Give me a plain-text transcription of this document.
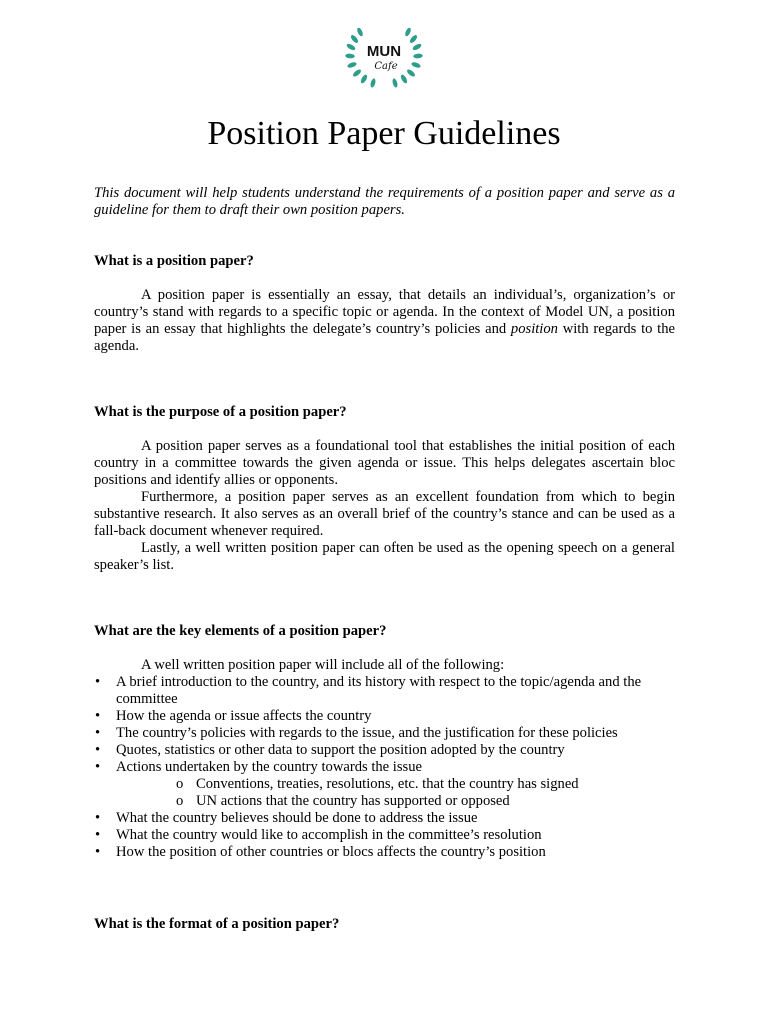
MUN
Cafe
Position Paper Guidelines
This document will help students understand the requirements of a position paper and serve as a guideline for them to draft their own position papers.
What is a position paper?

A position paper is essentially an essay, that details an individual’s, organization’s or country’s stand with regards to a specific topic or agenda. In the context of Model UN, a position paper is an essay that highlights the delegate’s country’s policies and position with regards to the agenda.

What is the purpose of a position paper?

A position paper serves as a foundational tool that establishes the initial position of each country in a committee towards the given agenda or issue. This helps delegates ascertain bloc positions and identify allies or opponents.

Furthermore, a position paper serves as an excellent foundation from which to begin substantive research. It also serves as an overall brief of the country’s stance and can be used as a fall-back document whenever required.

Lastly, a well written position paper can often be used as the opening speech on a general speaker’s list.

What are the key elements of a position paper?

A well written position paper will include all of the following:

• A brief introduction to the country, and its history with respect to the topic/agenda and the committee
• How the agenda or issue affects the country
• The country’s policies with regards to the issue, and the justification for these policies
• Quotes, statistics or other data to support the position adopted by the country
• Actions undertaken by the country towards the issue
o Conventions, treaties, resolutions, etc. that the country has signed
o UN actions that the country has supported or opposed
• What the country believes should be done to address the issue
• What the country would like to accomplish in the committee’s resolution
• How the position of other countries or blocs affects the country’s position
What is the format of a position paper?
